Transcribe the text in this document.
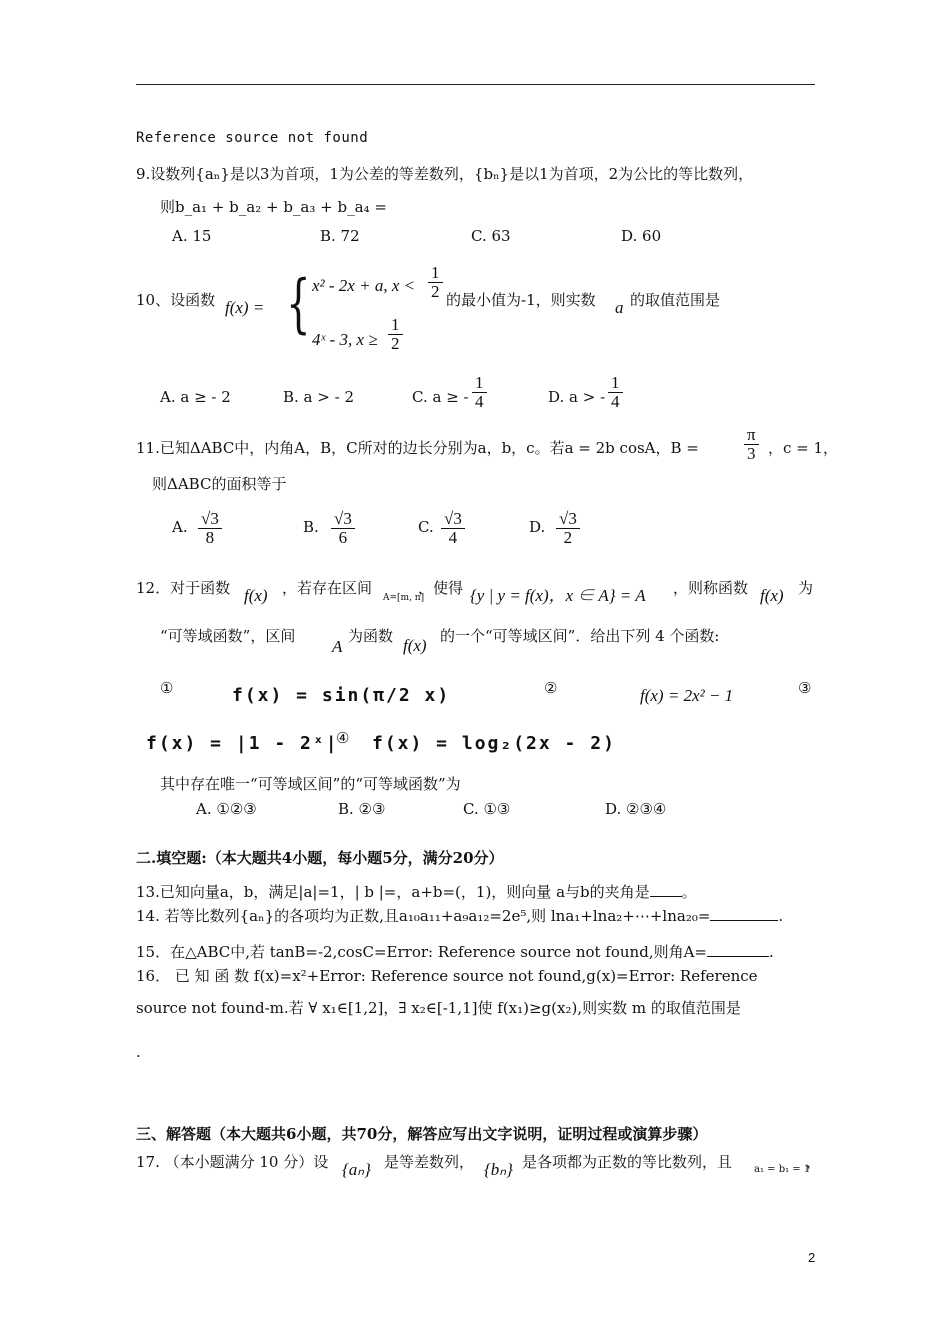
Reference source not found
9.设数列{aₙ}是以3为首项，1为公差的等差数列，{bₙ}是以1为首项，2为公比的等比数列，
则b_a₁ + b_a₂ + b_a₃ + b_a₄ =
A. 15	B. 72	C. 63	D. 60
10、设函数 f(x) = { x² - 2x + a, $x < \frac{1}{2}$ 的最小值为-1，则实数 a 的取值范围是
4ˣ - 3, $x \ge \frac{1}{2}$
A. a ≥ - 2	B. a > - 2	C. a ≥ - $\frac{1}{4}$	D. a > - $\frac{1}{4}$
11.已知ΔABC中，内角A，B，C所对的边长分别为a，b，c。若a = 2b cosA，B =	$\frac{\pi}{3}$ ，c = 1，
则ΔABC的面积等于
A. $\frac{√3}{8}$	B. $\frac{√3}{6}$	C. $\frac{√3}{4}$	D. $\frac{√3}{2}$
12．对于函数 f(x) ，若存在区间
A=[m, n]
，使得 {y | y = f(x)，x ∈ A} = A ，则称函数 f(x) 为
“可等域函数”，区间
A
为函数 f(x) 的一个“可等域区间”．给出下列 4 个函数:
①	f(x) = sin(π/2 x)	②	f(x) = 2x² − 1	③
f(x) = |1 - 2ˣ|
④ f(x) = log₂(2x - 2)
其中存在唯一“可等域区间”的“可等域函数”为
A. ①②③	B. ②③	C. ①③	D. ②③④
二.填空题:（本大题共4小题，每小题5分，满分20分）
13.已知向量a，b，满足|a|=1，| b |=，a+b=(，1)，则向量 a与b的夹角是 。
14. 若等比数列{aₙ}的各项均为正数,且a₁₀a₁₁+a₉a₁₂=2e⁵,则 lna₁+lna₂+⋯+lna₂₀=	.
15．在△ABC中,若 tanB=-2,cosC=Error: Reference source not found,则角A=	.
16． 已 知 函 数 f(x)=x²+Error: Reference source not found,g(x)=Error: Reference
source not found-m.若 ∀ x₁∈[1,2]，∃ x₂∈[-1,1]使 f(x₁)≥g(x₂),则实数 m 的取值范围是
.
三、解答题（本大题共6小题，共70分，解答应写出文字说明，证明过程或演算步骤）
17. （本小题满分 10 分）设 {aₙ} 是等差数列， {bₙ} 是各项都为正数的等比数列，且 a₁ = b₁ = 1
，
2
